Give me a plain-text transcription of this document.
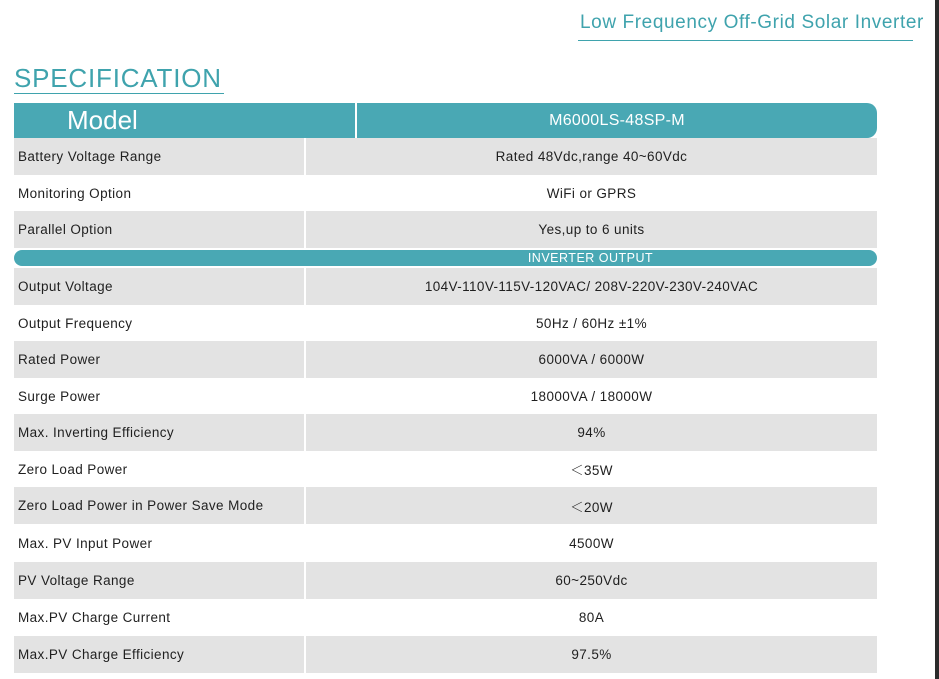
Low Frequency Off-Grid Solar Inverter
SPECIFICATION
Model	M6000LS-48SP-M
Battery Voltage Range	Rated 48Vdc,range 40~60Vdc
Monitoring Option	WiFi or GPRS
Parallel Option	Yes,up to 6 units
INVERTER OUTPUT
Output Voltage	104V-110V-115V-120VAC/ 208V-220V-230V-240VAC
Output Frequency	50Hz / 60Hz ±1%
Rated Power	6000VA / 6000W
Surge Power	18000VA / 18000W
Max. Inverting Efficiency	94%
Zero Load Power	＜35W
Zero Load Power in Power Save Mode	＜20W
Max. PV Input Power	4500W
PV Voltage Range	60~250Vdc
Max.PV Charge Current	80A
Max.PV Charge Efficiency	97.5%
